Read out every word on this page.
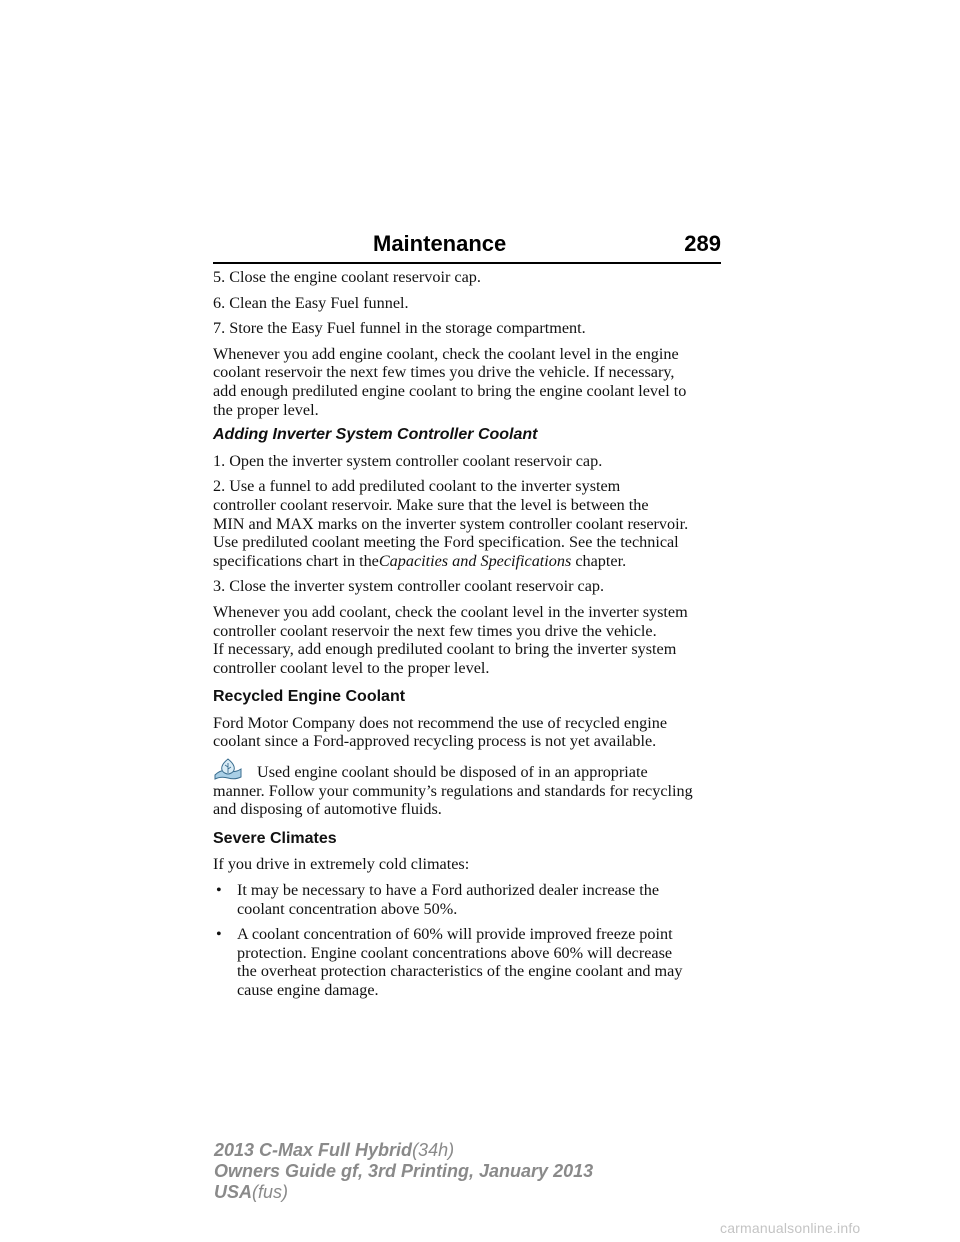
Maintenance	289

5. Close the engine coolant reservoir cap.

6. Clean the Easy Fuel funnel.

7. Store the Easy Fuel funnel in the storage compartment.

Whenever you add engine coolant, check the coolant level in the engine
coolant reservoir the next few times you drive the vehicle. If necessary,
add enough prediluted engine coolant to bring the engine coolant level to
the proper level.

Adding Inverter System Controller Coolant

1. Open the inverter system controller coolant reservoir cap.

2. Use a funnel to add prediluted coolant to the inverter system
controller coolant reservoir. Make sure that the level is between the
MIN and MAX marks on the inverter system controller coolant reservoir.
Use prediluted coolant meeting the Ford specification. See the technical
specifications chart in theCapacities and Specifications chapter.

3. Close the inverter system controller coolant reservoir cap.

Whenever you add coolant, check the coolant level in the inverter system
controller coolant reservoir the next few times you drive the vehicle.
If necessary, add enough prediluted coolant to bring the inverter system
controller coolant level to the proper level.

Recycled Engine Coolant

Ford Motor Company does not recommend the use of recycled engine
coolant since a Ford-approved recycling process is not yet available.

Used engine coolant should be disposed of in an appropriate
manner. Follow your community’s regulations and standards for recycling
and disposing of automotive fluids.

Severe Climates

If you drive in extremely cold climates:

• It may be necessary to have a Ford authorized dealer increase the
coolant concentration above 50%.
• A coolant concentration of 60% will provide improved freeze point
protection. Engine coolant concentrations above 60% will decrease
the overheat protection characteristics of the engine coolant and may
cause engine damage.
2013 C-Max Full Hybrid(34h)
Owners Guide gf, 3rd Printing, January 2013
USA(fus)
carmanualsonline.info
